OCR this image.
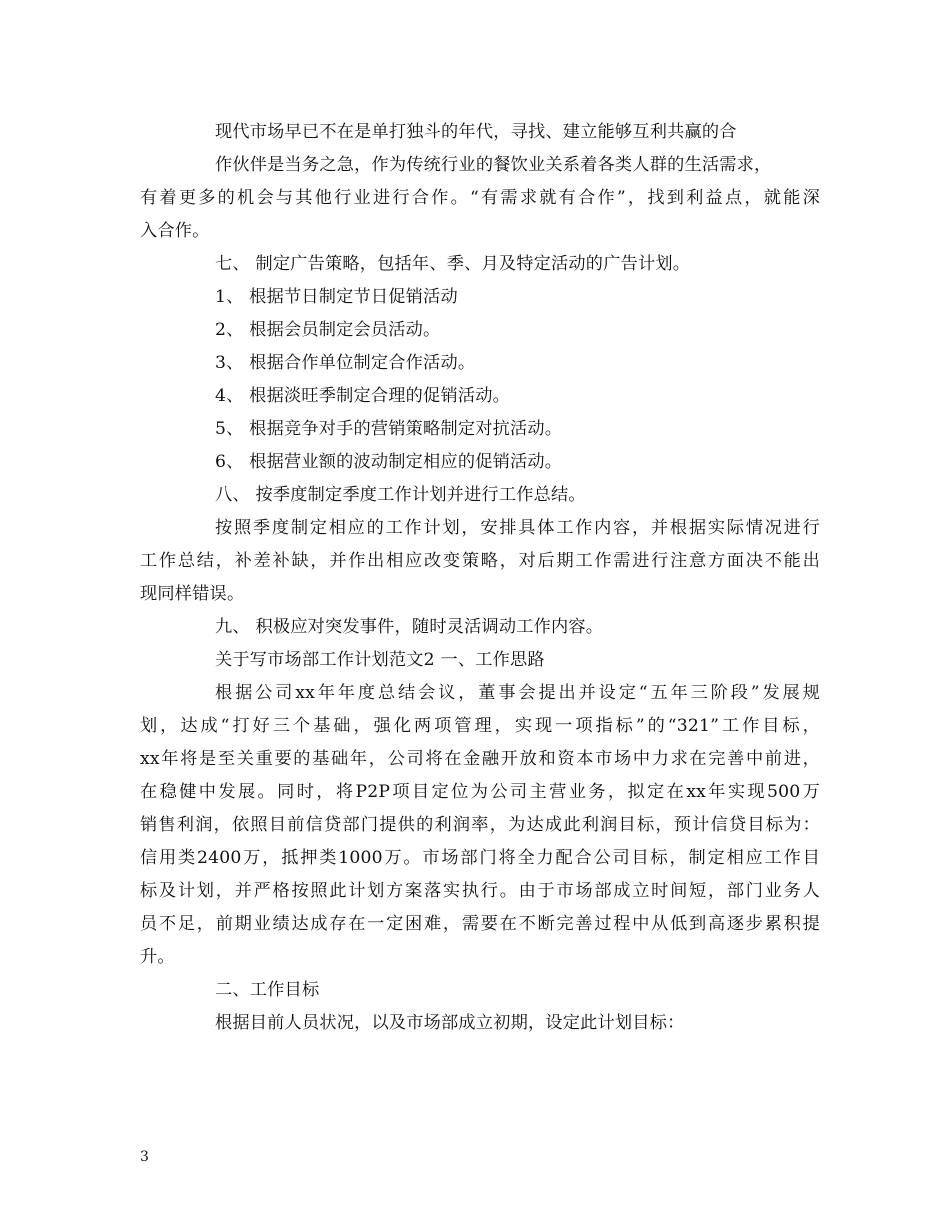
现代市场早已不在是单打独斗的年代，寻找、建立能够互利共赢的合
作伙伴是当务之急，作为传统行业的餐饮业关系着各类人群的生活需求，
有着更多的机会与其他行业进行合作。“有需求就有合作”，找到利益点，就能深
入合作。
七、 制定广告策略，包括年、季、月及特定活动的广告计划。
1、 根据节日制定节日促销活动
2、 根据会员制定会员活动。
3、 根据合作单位制定合作活动。
4、 根据淡旺季制定合理的促销活动。
5、 根据竞争对手的营销策略制定对抗活动。
6、 根据营业额的波动制定相应的促销活动。
八、 按季度制定季度工作计划并进行工作总结。
按照季度制定相应的工作计划，安排具体工作内容，并根据实际情况进行
工作总结，补差补缺，并作出相应改变策略，对后期工作需进行注意方面决不能出
现同样错误。
九、 积极应对突发事件，随时灵活调动工作内容。
关于写市场部工作计划范文2 一、工作思路
根据公司xx年年度总结会议，董事会提出并设定“五年三阶段”发展规
划，达成“打好三个基础，强化两项管理，实现一项指标”的“321”工作目标，
xx年将是至关重要的基础年，公司将在金融开放和资本市场中力求在完善中前进，
在稳健中发展。同时，将P2P项目定位为公司主营业务，拟定在xx年实现500万
销售利润，依照目前信贷部门提供的利润率，为达成此利润目标，预计信贷目标为：
信用类2400万，抵押类1000万。市场部门将全力配合公司目标，制定相应工作目
标及计划，并严格按照此计划方案落实执行。由于市场部成立时间短，部门业务人
员不足，前期业绩达成存在一定困难，需要在不断完善过程中从低到高逐步累积提
升。
二、工作目标
根据目前人员状况，以及市场部成立初期，设定此计划目标：
3
